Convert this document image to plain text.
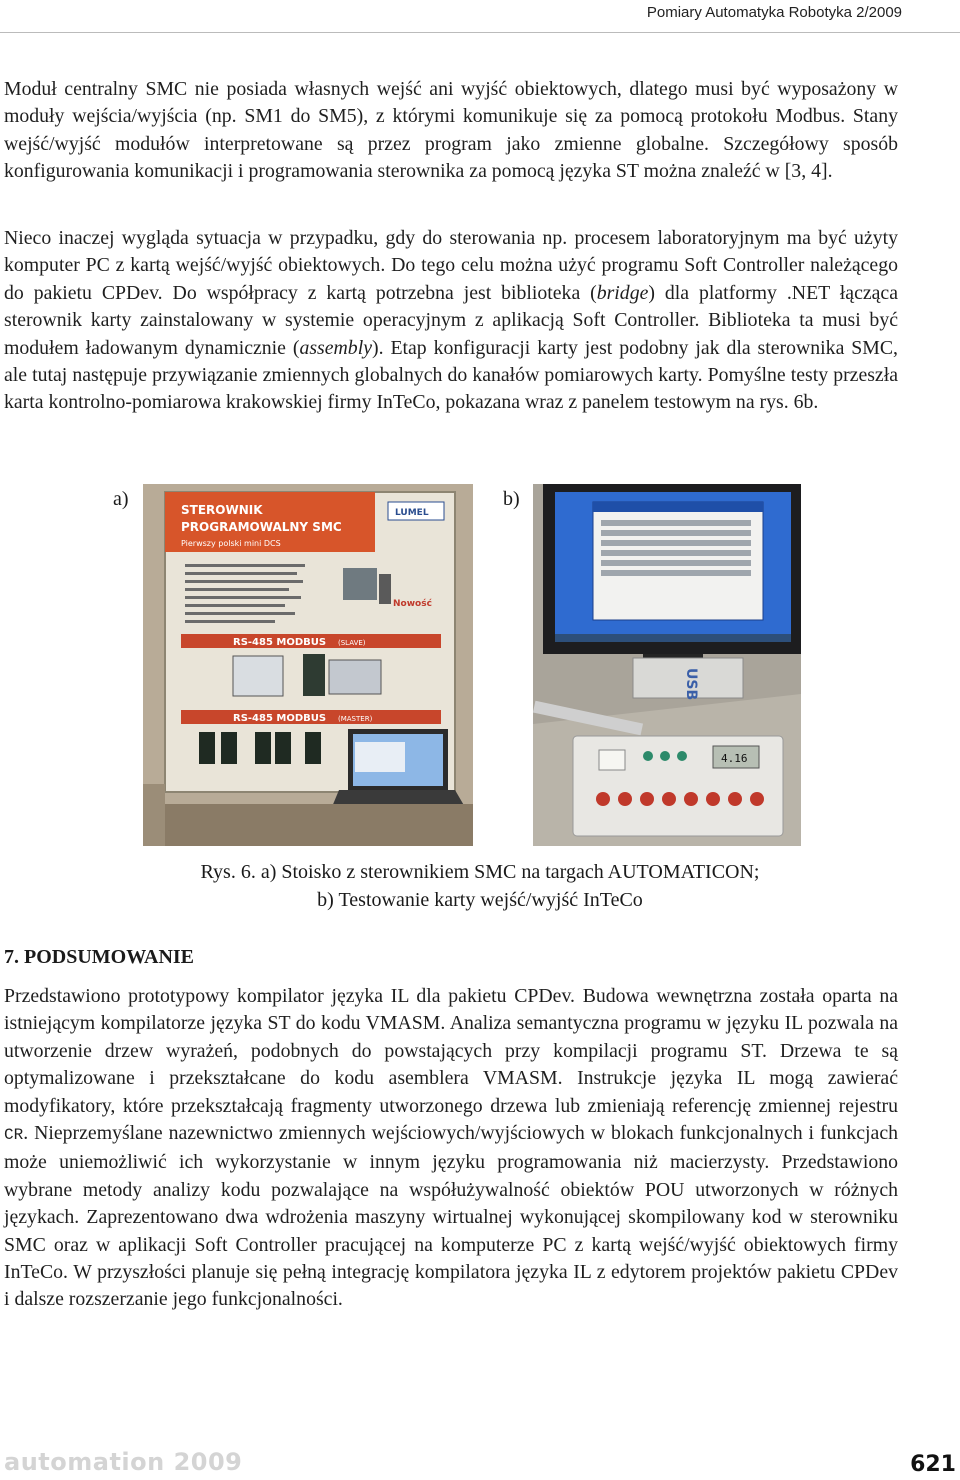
Pomiary Automatyka Robotyka 2/2009

Moduł centralny SMC nie posiada własnych wejść ani wyjść obiektowych, dlatego musi być wyposażony w moduły wejścia/wyjścia (np. SM1 do SM5), z którymi komunikuje się za pomocą protokołu Modbus. Stany wejść/wyjść modułów interpretowane są przez program jako zmienne globalne. Szczegółowy sposób konfigurowania komunikacji i programowania sterownika za pomocą języka ST można znaleźć w [3, 4].

Nieco inaczej wygląda sytuacja w przypadku, gdy do sterowania np. procesem laboratoryjnym ma być użyty komputer PC z kartą wejść/wyjść obiektowych. Do tego celu można użyć programu Soft Controller należącego do pakietu CPDev. Do współpracy z kartą potrzebna jest biblioteka (bridge) dla platformy .NET łącząca sterownik karty zainstalowany w systemie operacyjnym z aplikacją Soft Controller. Biblioteka ta musi być modułem ładowanym dynamicznie (assembly). Etap konfiguracji karty jest podobny jak dla sterownika SMC, ale tutaj następuje przywiązanie zmiennych globalnych do kanałów pomiarowych karty. Pomyślne testy przeszła karta kontrolno-pomiarowa krakowskiej firmy InTeCo, pokazana wraz z panelem testowym na rys. 6b.

a)	b)
STEROWNIK
PROGRAMOWALNY SMC
Pierwszy polski mini DCS
LUMEL
Nowość
RS-485 MODBUS (SLAVE)
RS-485 MODBUS (MASTER)
USB
4.16
Rys. 6. a) Stoisko z sterownikiem SMC na targach AUTOMATICON;
b) Testowanie karty wejść/wyjść InTeCo
7. PODSUMOWANIE

Przedstawiono prototypowy kompilator języka IL dla pakietu CPDev. Budowa wewnętrzna została oparta na istniejącym kompilatorze języka ST do kodu VMASM. Analiza semantyczna programu w języku IL pozwala na utworzenie drzew wyrażeń, podobnych do powstających przy kompilacji programu ST. Drzewa te są optymalizowane i przekształcane do kodu asemblera VMASM. Instrukcje języka IL mogą zawierać modyfikatory, które przekształcają fragmenty utworzonego drzewa lub zmieniają referencję zmiennej rejestru CR. Nieprzemyślane nazewnictwo zmiennych wejściowych/wyjściowych w blokach funkcjonalnych i funkcjach może uniemożliwić ich wykorzystanie w innym języku programowania niż macierzysty. Przedstawiono wybrane metody analizy kodu pozwalające na współużywalność obiektów POU utworzonych w różnych językach. Zaprezentowano dwa wdrożenia maszyny wirtualnej wykonującej skompilowany kod w sterowniku SMC oraz w aplikacji Soft Controller pracującej na komputerze PC z kartą wejść/wyjść obiektowych firmy InTeCo. W przyszłości planuje się pełną integrację kompilatora języka IL z edytorem projektów pakietu CPDev i dalsze rozszerzanie jego funkcjonalności.

automation 2009	621
